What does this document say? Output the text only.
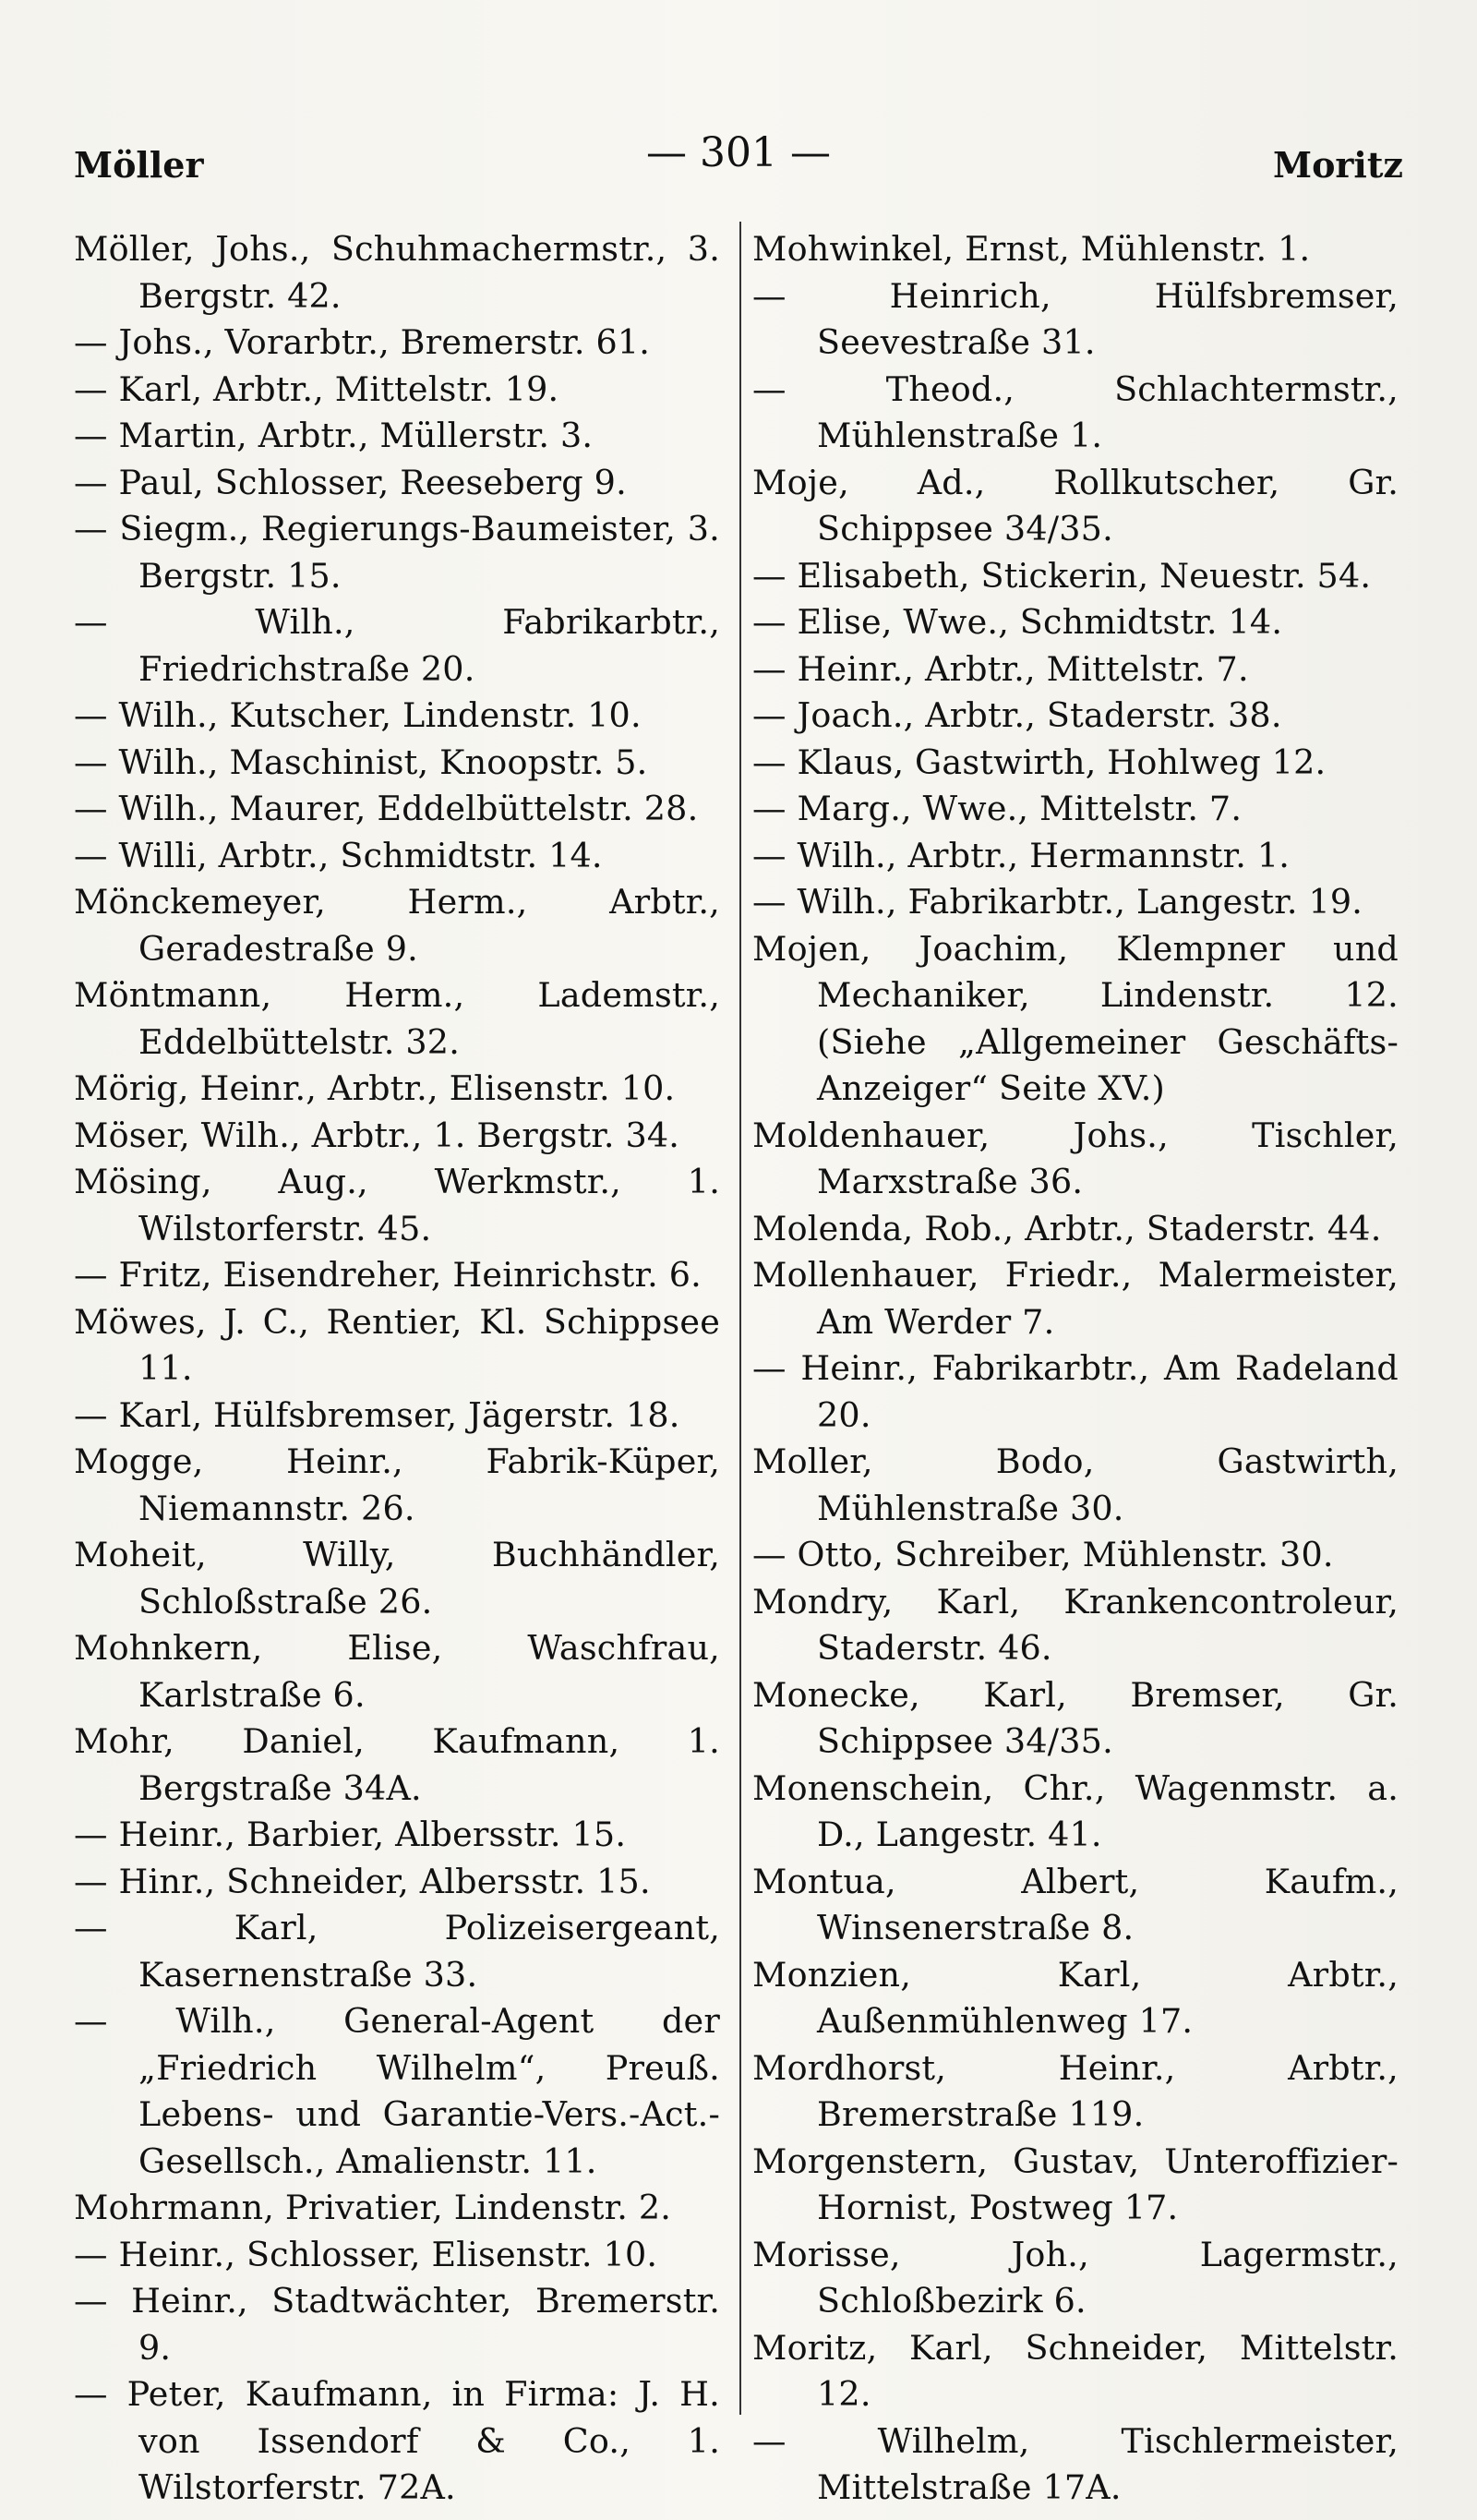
Möller	— 301 —	Moritz

Möller, Johs., Schuhmachermstr., 3. Bergstr. 42.

— Johs., Vorarbtr., Bremerstr. 61.

— Karl, Arbtr., Mittelstr. 19.

— Martin, Arbtr., Müllerstr. 3.

— Paul, Schlosser, Reeseberg 9.

— Siegm., Regierungs-Baumeister, 3. Bergstr. 15.

— Wilh., Fabrikarbtr., Friedrichstraße 20.

— Wilh., Kutscher, Lindenstr. 10.

— Wilh., Maschinist, Knoopstr. 5.

— Wilh., Maurer, Eddelbüttelstr. 28.

— Willi, Arbtr., Schmidtstr. 14.

Mönckemeyer, Herm., Arbtr., Geradestraße 9.

Möntmann, Herm., Lademstr., Eddelbüttelstr. 32.

Mörig, Heinr., Arbtr., Elisenstr. 10.

Möser, Wilh., Arbtr., 1. Bergstr. 34.

Mösing, Aug., Werkmstr., 1. Wilstorferstr. 45.

— Fritz, Eisendreher, Heinrichstr. 6.

Möwes, J. C., Rentier, Kl. Schippsee 11.

— Karl, Hülfsbremser, Jägerstr. 18.

Mogge, Heinr., Fabrik-Küper, Niemannstr. 26.

Moheit, Willy, Buchhändler, Schloßstraße 26.

Mohnkern, Elise, Waschfrau, Karlstraße 6.

Mohr, Daniel, Kaufmann, 1. Bergstraße 34A.

— Heinr., Barbier, Albersstr. 15.

— Hinr., Schneider, Albersstr. 15.

— Karl, Polizeisergeant, Kasernenstraße 33.

— Wilh., General-Agent der „Friedrich Wilhelm“, Preuß. Lebens- und Garantie-Vers.-Act.-Gesellsch., Amalienstr. 11.

Mohrmann, Privatier, Lindenstr. 2.

— Heinr., Schlosser, Elisenstr. 10.

— Heinr., Stadtwächter, Bremerstr. 9.

— Peter, Kaufmann, in Firma: J. H. von Issendorf & Co., 1. Wilstorferstr. 72A.

Mohwinkel, Ernst, Mühlenstr. 1.

— Heinrich, Hülfsbremser, Seevestraße 31.

— Theod., Schlachtermstr., Mühlenstraße 1.

Moje, Ad., Rollkutscher, Gr. Schippsee 34/35.

— Elisabeth, Stickerin, Neuestr. 54.

— Elise, Wwe., Schmidtstr. 14.

— Heinr., Arbtr., Mittelstr. 7.

— Joach., Arbtr., Staderstr. 38.

— Klaus, Gastwirth, Hohlweg 12.

— Marg., Wwe., Mittelstr. 7.

— Wilh., Arbtr., Hermannstr. 1.

— Wilh., Fabrikarbtr., Langestr. 19.

Mojen, Joachim, Klempner und Mechaniker, Lindenstr. 12. (Siehe „Allgemeiner Geschäfts-Anzeiger“ Seite XV.)

Moldenhauer, Johs., Tischler, Marxstraße 36.

Molenda, Rob., Arbtr., Staderstr. 44.

Mollenhauer, Friedr., Malermeister, Am Werder 7.

— Heinr., Fabrikarbtr., Am Radeland 20.

Moller, Bodo, Gastwirth, Mühlenstraße 30.

— Otto, Schreiber, Mühlenstr. 30.

Mondry, Karl, Krankencontroleur, Staderstr. 46.

Monecke, Karl, Bremser, Gr. Schippsee 34/35.

Monenschein, Chr., Wagenmstr. a. D., Langestr. 41.

Montua, Albert, Kaufm., Winsenerstraße 8.

Monzien, Karl, Arbtr., Außenmühlenweg 17.

Mordhorst, Heinr., Arbtr., Bremerstraße 119.

Morgenstern, Gustav, Unteroffizier-Hornist, Postweg 17.

Morisse, Joh., Lagermstr., Schloßbezirk 6.

Moritz, Karl, Schneider, Mittelstr. 12.

— Wilhelm, Tischlermeister, Mittelstraße 17A.
